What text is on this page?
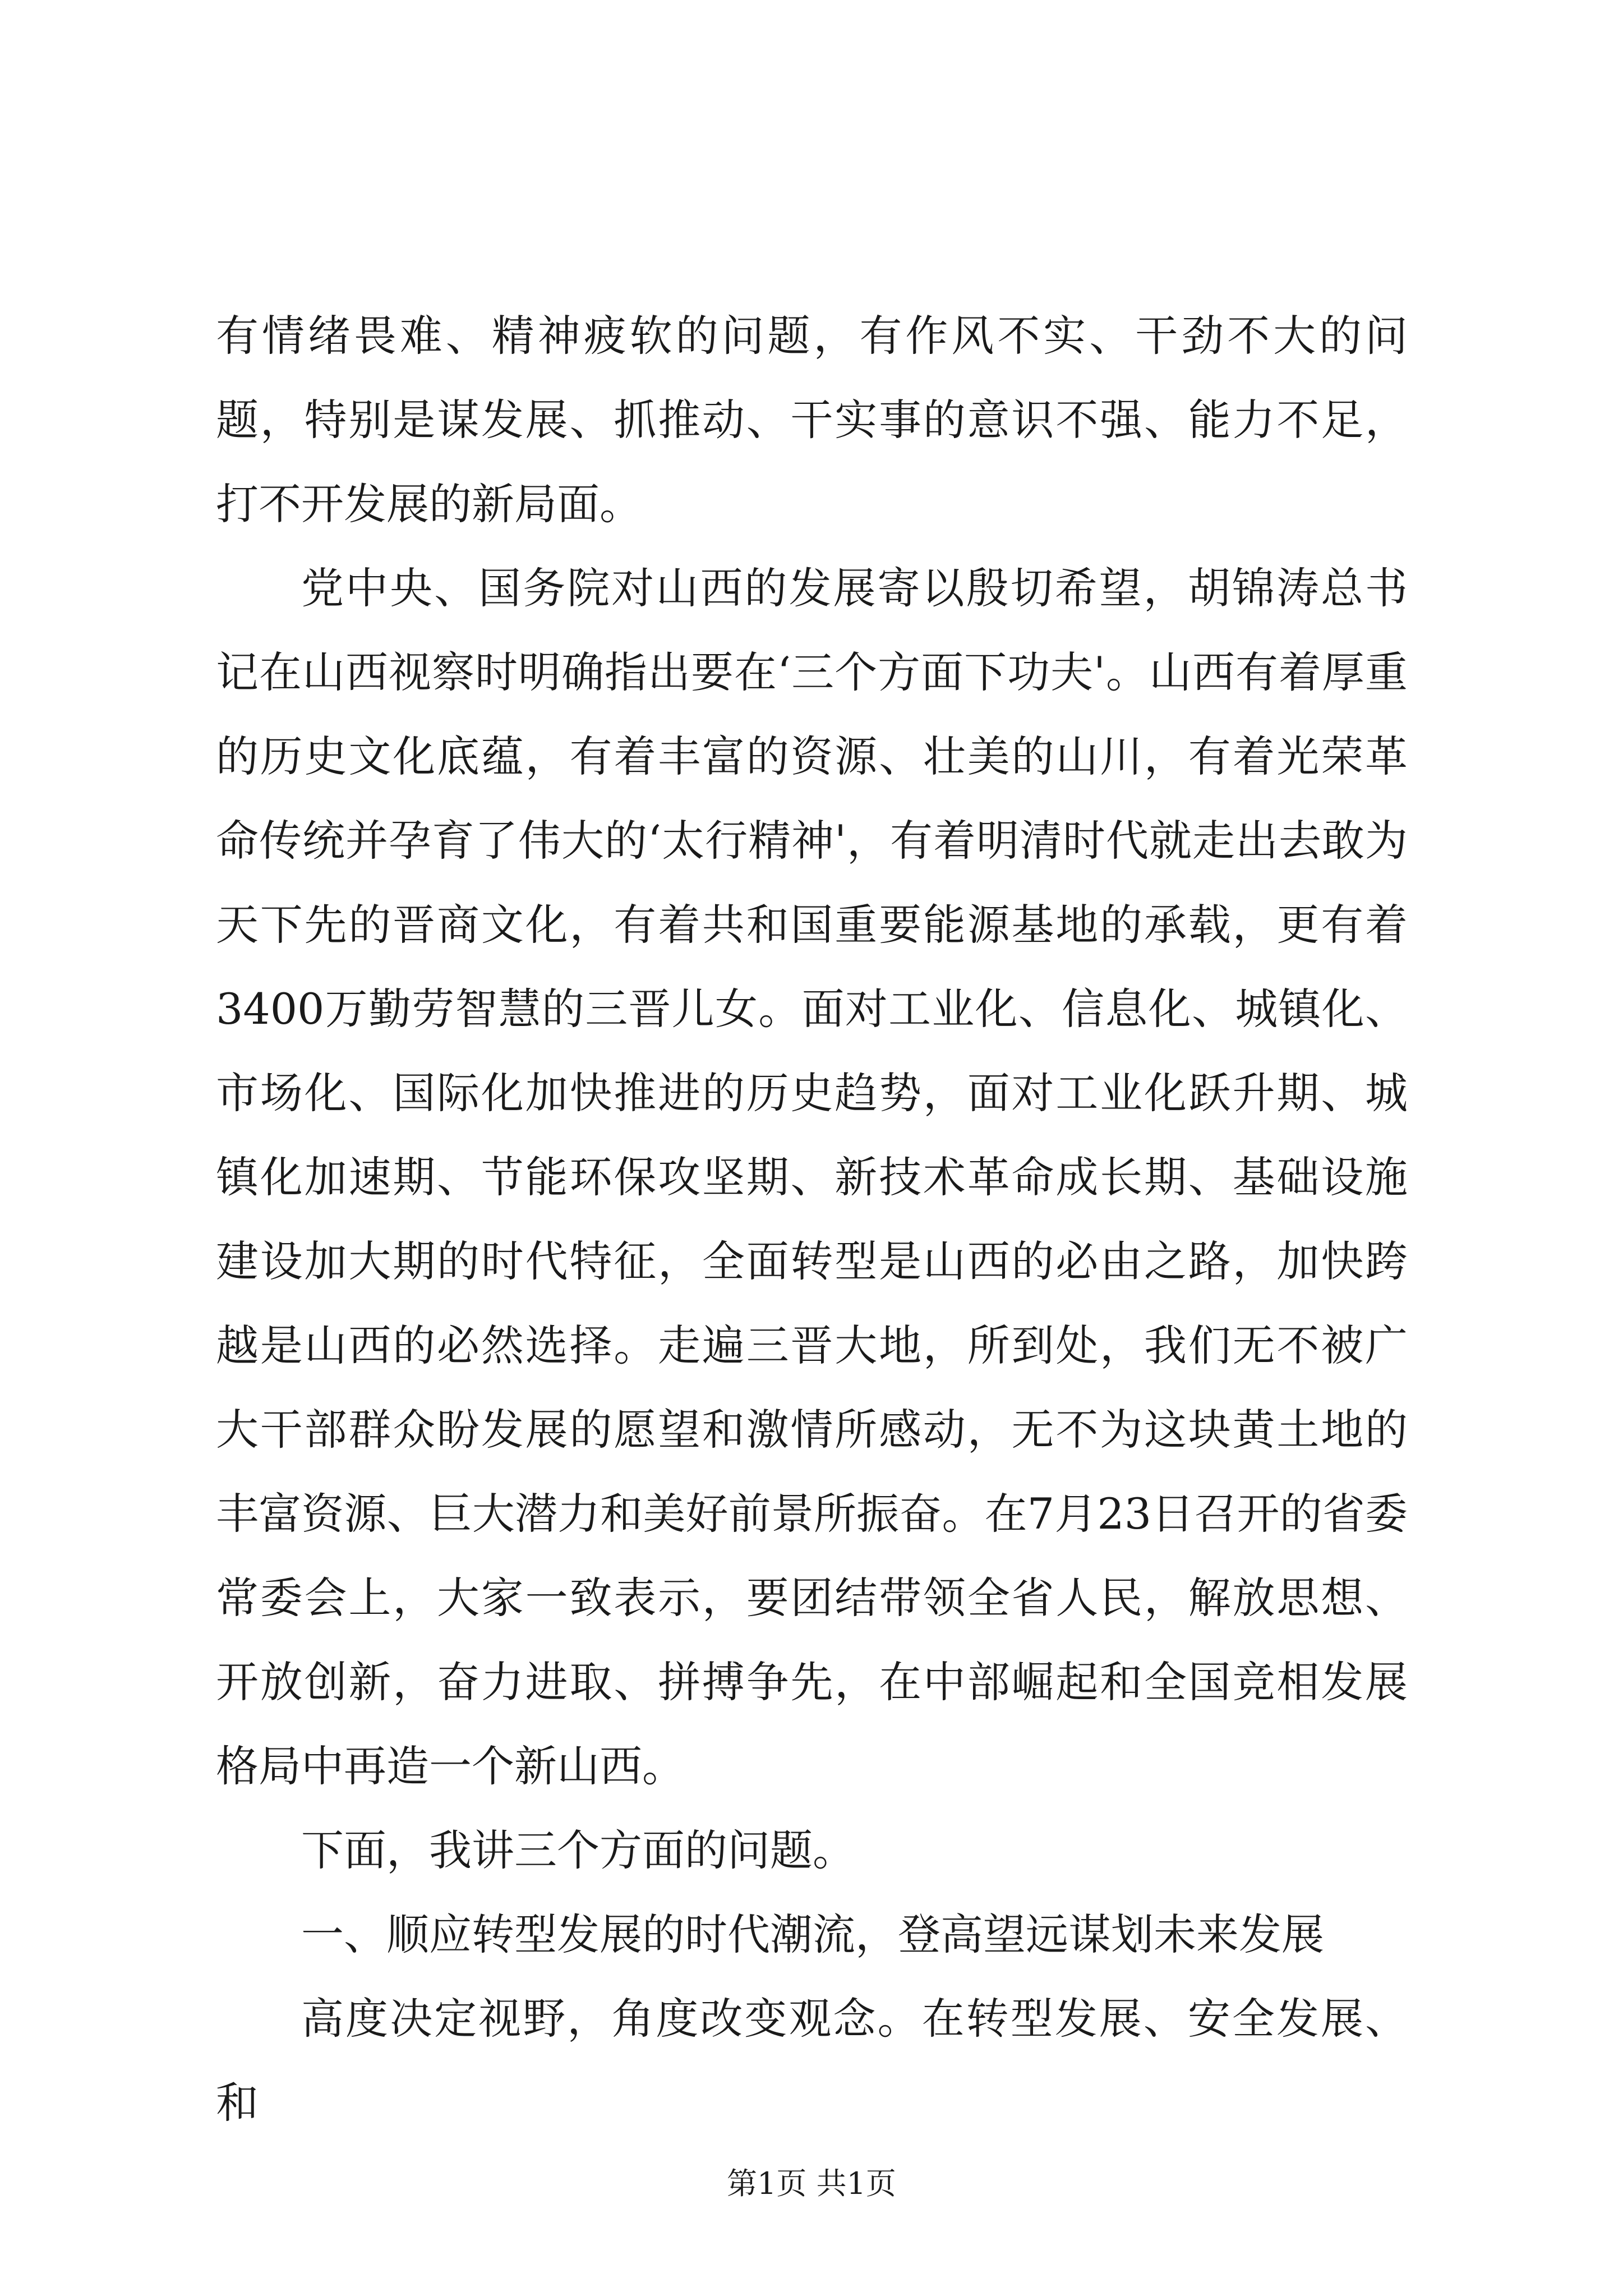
有情绪畏难、精神疲软的问题，有作风不实、干劲不大的问题，特别是谋发展、抓推动、干实事的意识不强、能力不足，打不开发展的新局面。

党中央、国务院对山西的发展寄以殷切希望，胡锦涛总书记在山西视察时明确指出要在‘三个方面下功夫'。山西有着厚重的历史文化底蕴，有着丰富的资源、壮美的山川，有着光荣革命传统并孕育了伟大的‘太行精神'，有着明清时代就走出去敢为天下先的晋商文化，有着共和国重要能源基地的承载，更有着3400万勤劳智慧的三晋儿女。面对工业化、信息化、城镇化、市场化、国际化加快推进的历史趋势，面对工业化跃升期、城镇化加速期、节能环保攻坚期、新技术革命成长期、基础设施建设加大期的时代特征，全面转型是山西的必由之路，加快跨越是山西的必然选择。走遍三晋大地，所到处，我们无不被广大干部群众盼发展的愿望和激情所感动，无不为这块黄土地的丰富资源、巨大潜力和美好前景所振奋。在7月23日召开的省委常委会上，大家一致表示，要团结带领全省人民，解放思想、开放创新，奋力进取、拼搏争先，在中部崛起和全国竞相发展格局中再造一个新山西。

下面，我讲三个方面的问题。

一、顺应转型发展的时代潮流，登高望远谋划未来发展

高度决定视野，角度改变观念。在转型发展、安全发展、和

第1页 共1页
